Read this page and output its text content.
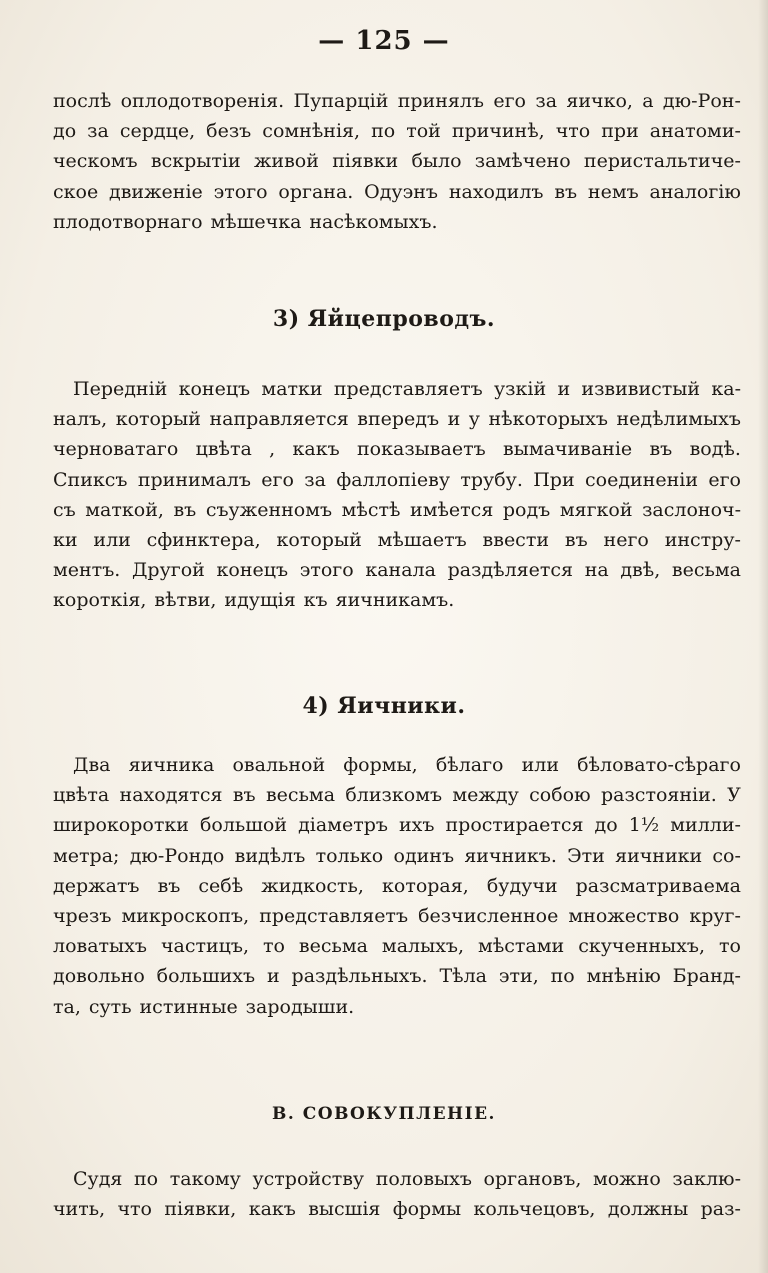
— 125 —

послѣ оплодотворенія. Пупарцій принялъ его за яичко, а дю-Рон-
до за сердце, безъ сомнѣнія, по той причинѣ, что при анатоми-
ческомъ вскрытіи живой піявки было замѣчено перистальтиче-
ское движеніе этого органа. Одуэнъ находилъ въ немъ аналогію
плодотворнаго мѣшечка насѣкомыхъ.
3) Яйцепроводъ.
Передній конецъ матки представляетъ узкій и извивистый ка-
налъ, который направляется впередъ и у нѣкоторыхъ недѣлимыхъ
черноватаго цвѣта , какъ показываетъ вымачиваніе въ водѣ.
Спиксъ принималъ его за фаллопіеву трубу. При соединеніи его
съ маткой, въ съуженномъ мѣстѣ имѣется родъ мягкой заслоноч-
ки или сфинктера, который мѣшаетъ ввести въ него инстру-
ментъ. Другой конецъ этого канала раздѣляется на двѣ, весьма
короткія, вѣтви, идущія къ яичникамъ.
4) Яичники.
Два яичника овальной формы, бѣлаго или бѣловато-сѣраго
цвѣта находятся въ весьма близкомъ между собою разстояніи. У
широкоротки большой діаметръ ихъ простирается до 1½ милли-
метра; дю-Рондо видѣлъ только одинъ яичникъ. Эти яичники со-
держатъ въ себѣ жидкость, которая, будучи разсматриваема
чрезъ микроскопъ, представляетъ безчисленное множество круг-
ловатыхъ частицъ, то весьма малыхъ, мѣстами скученныхъ, то
довольно большихъ и раздѣльныхъ. Тѣла эти, по мнѣнію Бранд-
та, суть истинные зародыши.
B. СОВОКУПЛЕНІЕ.
Судя по такому устройству половыхъ органовъ, можно заклю-
чить, что піявки, какъ высшія формы кольчецовъ, должны раз-
